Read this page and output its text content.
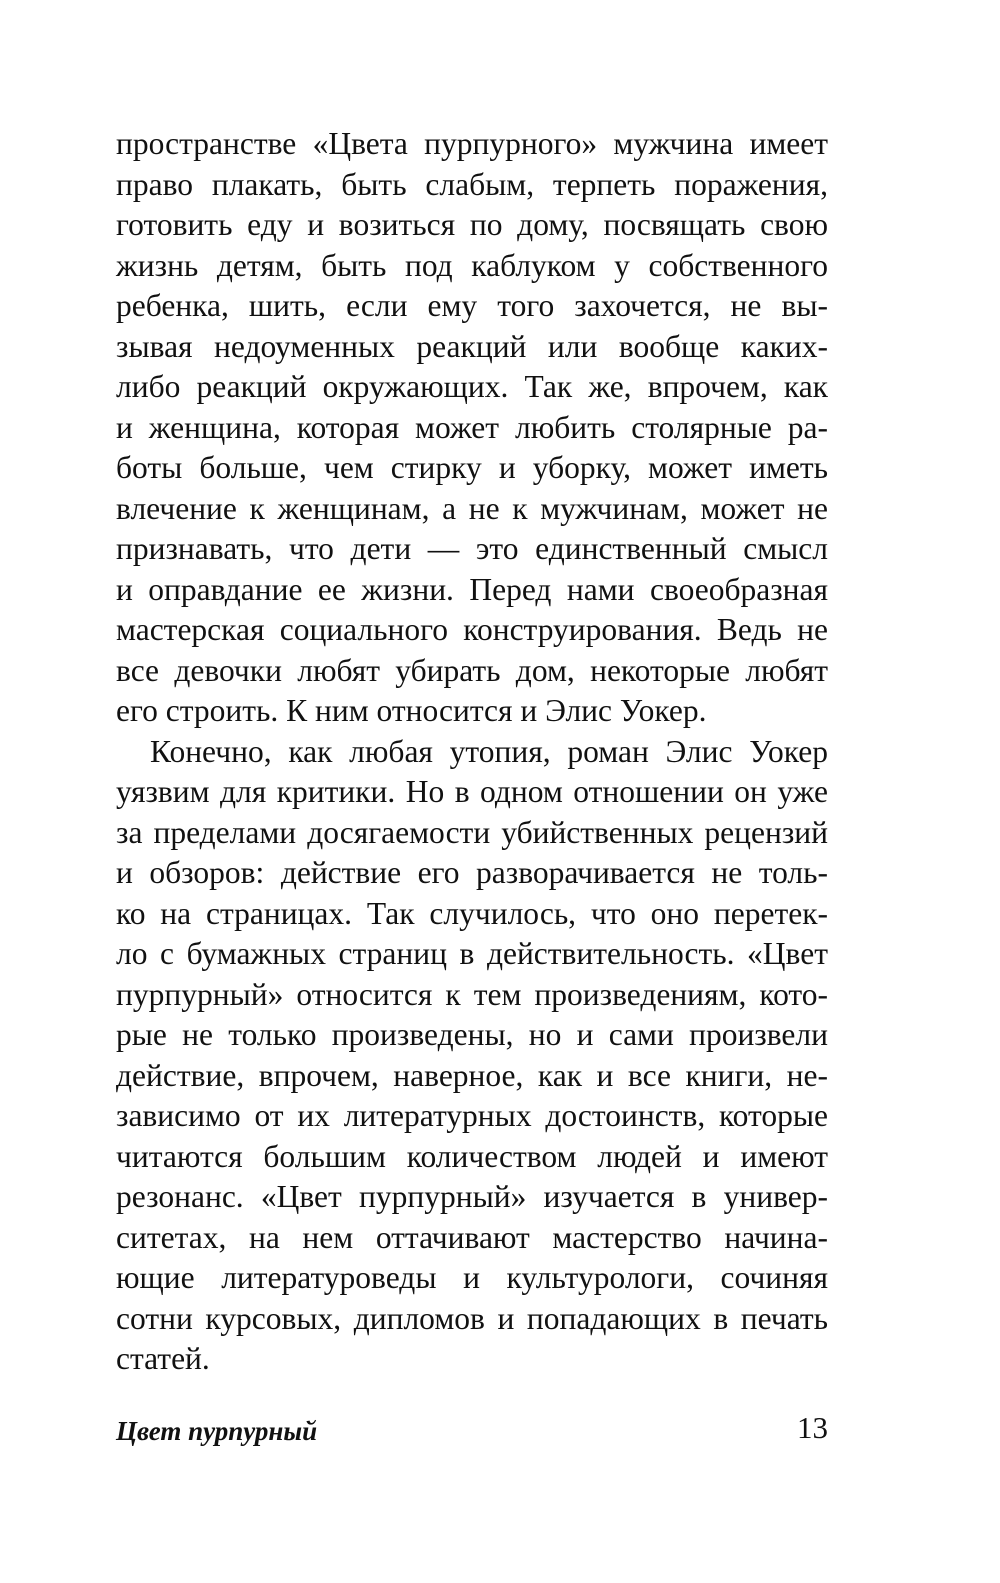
пространстве «Цвета пурпурного» мужчина имеет
право плакать, быть слабым, терпеть поражения,
готовить еду и возиться по дому, посвящать свою
жизнь детям, быть под каблуком у собственного
ребенка, шить, если ему того захочется, не вы-
зывая недоуменных реакций или вообще каких-
либо реакций окружающих. Так же, впрочем, как
и женщина, которая может любить столярные ра-
боты больше, чем стирку и уборку, может иметь
влечение к женщинам, а не к мужчинам, может не
признавать, что дети — это единственный смысл
и оправдание ее жизни. Перед нами своеобразная
мастерская социального конструирования. Ведь не
все девочки любят убирать дом, некоторые любят
его строить. К ним относится и Элис Уокер.
Конечно, как любая утопия, роман Элис Уокер
уязвим для критики. Но в одном отношении он уже
за пределами досягаемости убийственных рецензий
и обзоров: действие его разворачивается не толь-
ко на страницах. Так случилось, что оно перетек-
ло с бумажных страниц в действительность. «Цвет
пурпурный» относится к тем произведениям, кото-
рые не только произведены, но и сами произвели
действие, впрочем, наверное, как и все книги, не-
зависимо от их литературных достоинств, которые
читаются большим количеством людей и имеют
резонанс. «Цвет пурпурный» изучается в универ-
ситетах, на нем оттачивают мастерство начина-
ющие литературоведы и культурологи, сочиняя
сотни курсовых, дипломов и попадающих в печать
статей.
Цвет пурпурный	13
